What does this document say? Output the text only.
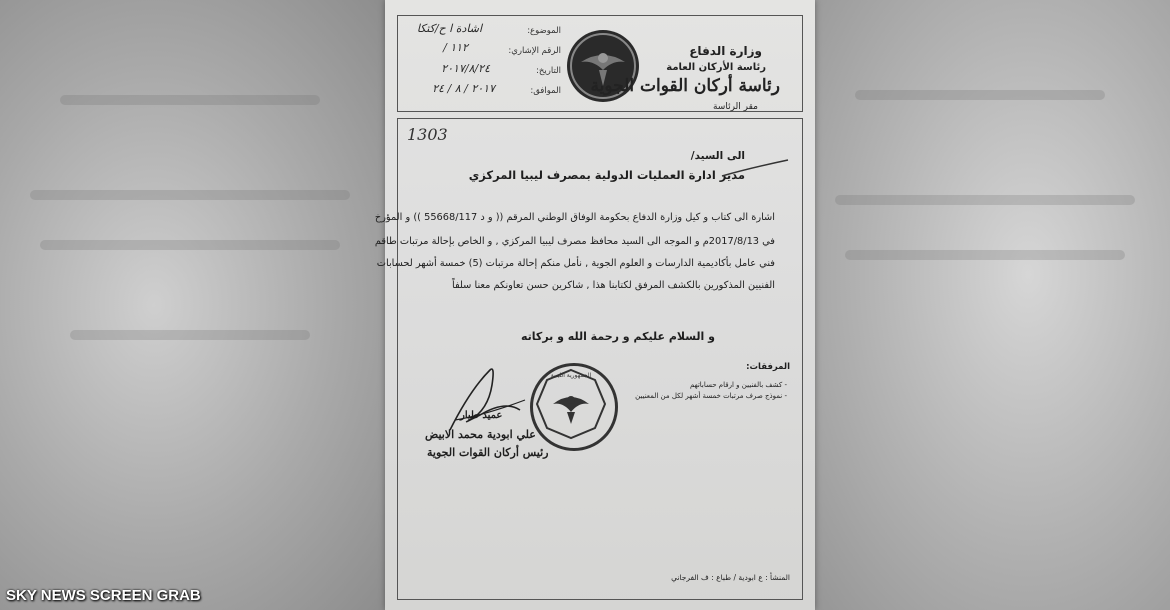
وزارة الدفاع
رئاسة الأركان العامة
رئاسة أركان القوات الجوية
مقر الرئاسة
الموضوع:
اشادة ا ح/كتكا
الرقم الإشاري:
١١٢ /
التاريخ:
٢٠١٧/٨/٢٤
الموافق:
٢٠١٧ / ٨ / ٢٤
1303
الى السيد/
مدير ادارة العمليات الدولية بمصرف ليبيا المركزي
اشارة الى كتاب و كيل وزارة الدفاع بحكومة الوفاق الوطني المرقم (( و د 55668/117 )) و المؤرخ
في 2017/8/13م و الموجه الى السيد محافظ مصرف ليبيا المركزي , و الخاص بإحالة مرتبات طاقم
فني عامل بأكاديمية الدارسات و العلوم الجوية , نأمل منكم إحالة مرتبات (5) خمسة أشهر لحسابات
الفنيين المذكورين بالكشف المرفق لكتابنا هذا , شاكرين حسن تعاونكم معنا سلفاً
و السلام عليكم و رحمة الله و بركاته
المرفقات:
- كشف بالفنيين و ارقام حساباتهم
- نموذج صرف مرتبات خمسة أشهر لكل من المعنيين
الجمهورية الليبية
عميد طيار
علي ابودية محمد الابيض
رئيس أركان القوات الجوية
المنشأ : ع ابودية / طباع : ف الفرجاني
SKY NEWS SCREEN GRAB
